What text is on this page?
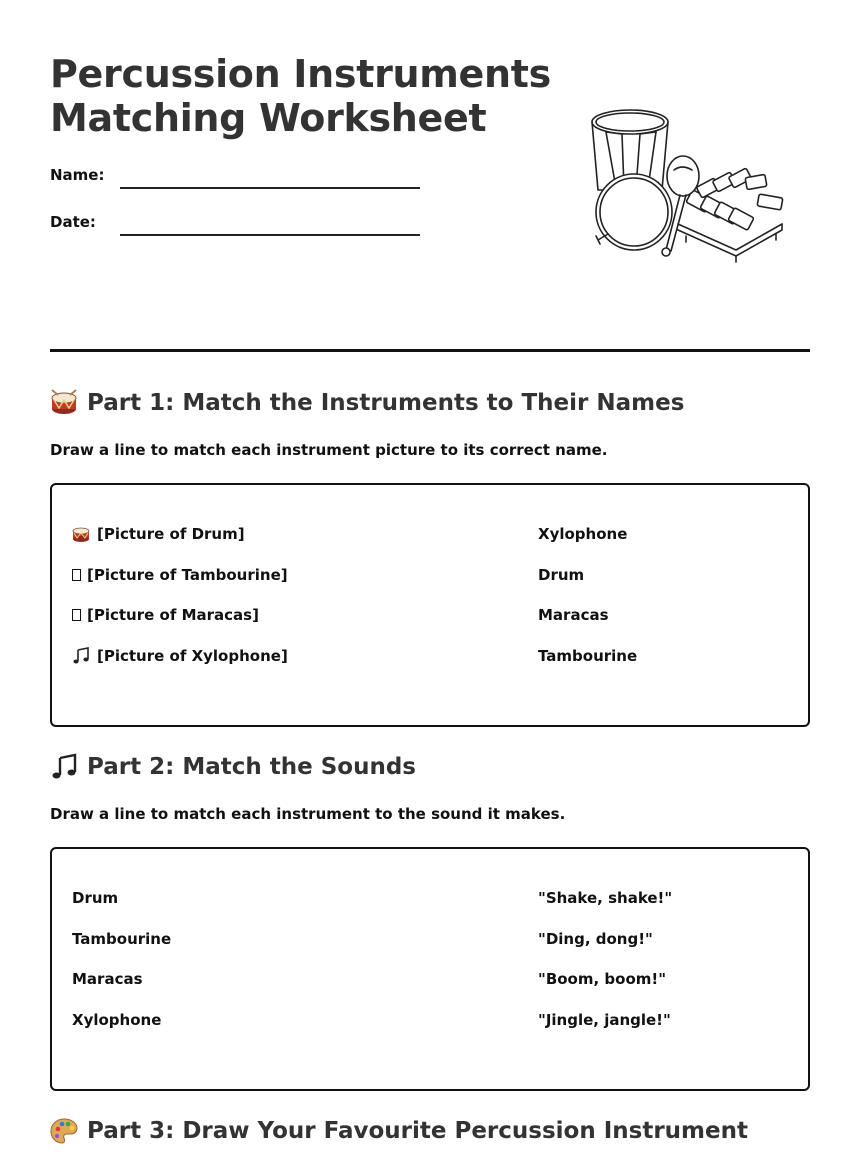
Percussion Instruments
Matching Worksheet
Name:
Date:
Part 1: Match the Instruments to Their Names
Draw a line to match each instrument picture to its correct name.
[Picture of Drum]
[Picture of Tambourine]
[Picture of Maracas]
[Picture of Xylophone]
Xylophone
Drum
Maracas
Tambourine
Part 2: Match the Sounds
Draw a line to match each instrument to the sound it makes.
Drum
Tambourine
Maracas
Xylophone
"Shake, shake!"
"Ding, dong!"
"Boom, boom!"
"Jingle, jangle!"
Part 3: Draw Your Favourite Percussion Instrument
